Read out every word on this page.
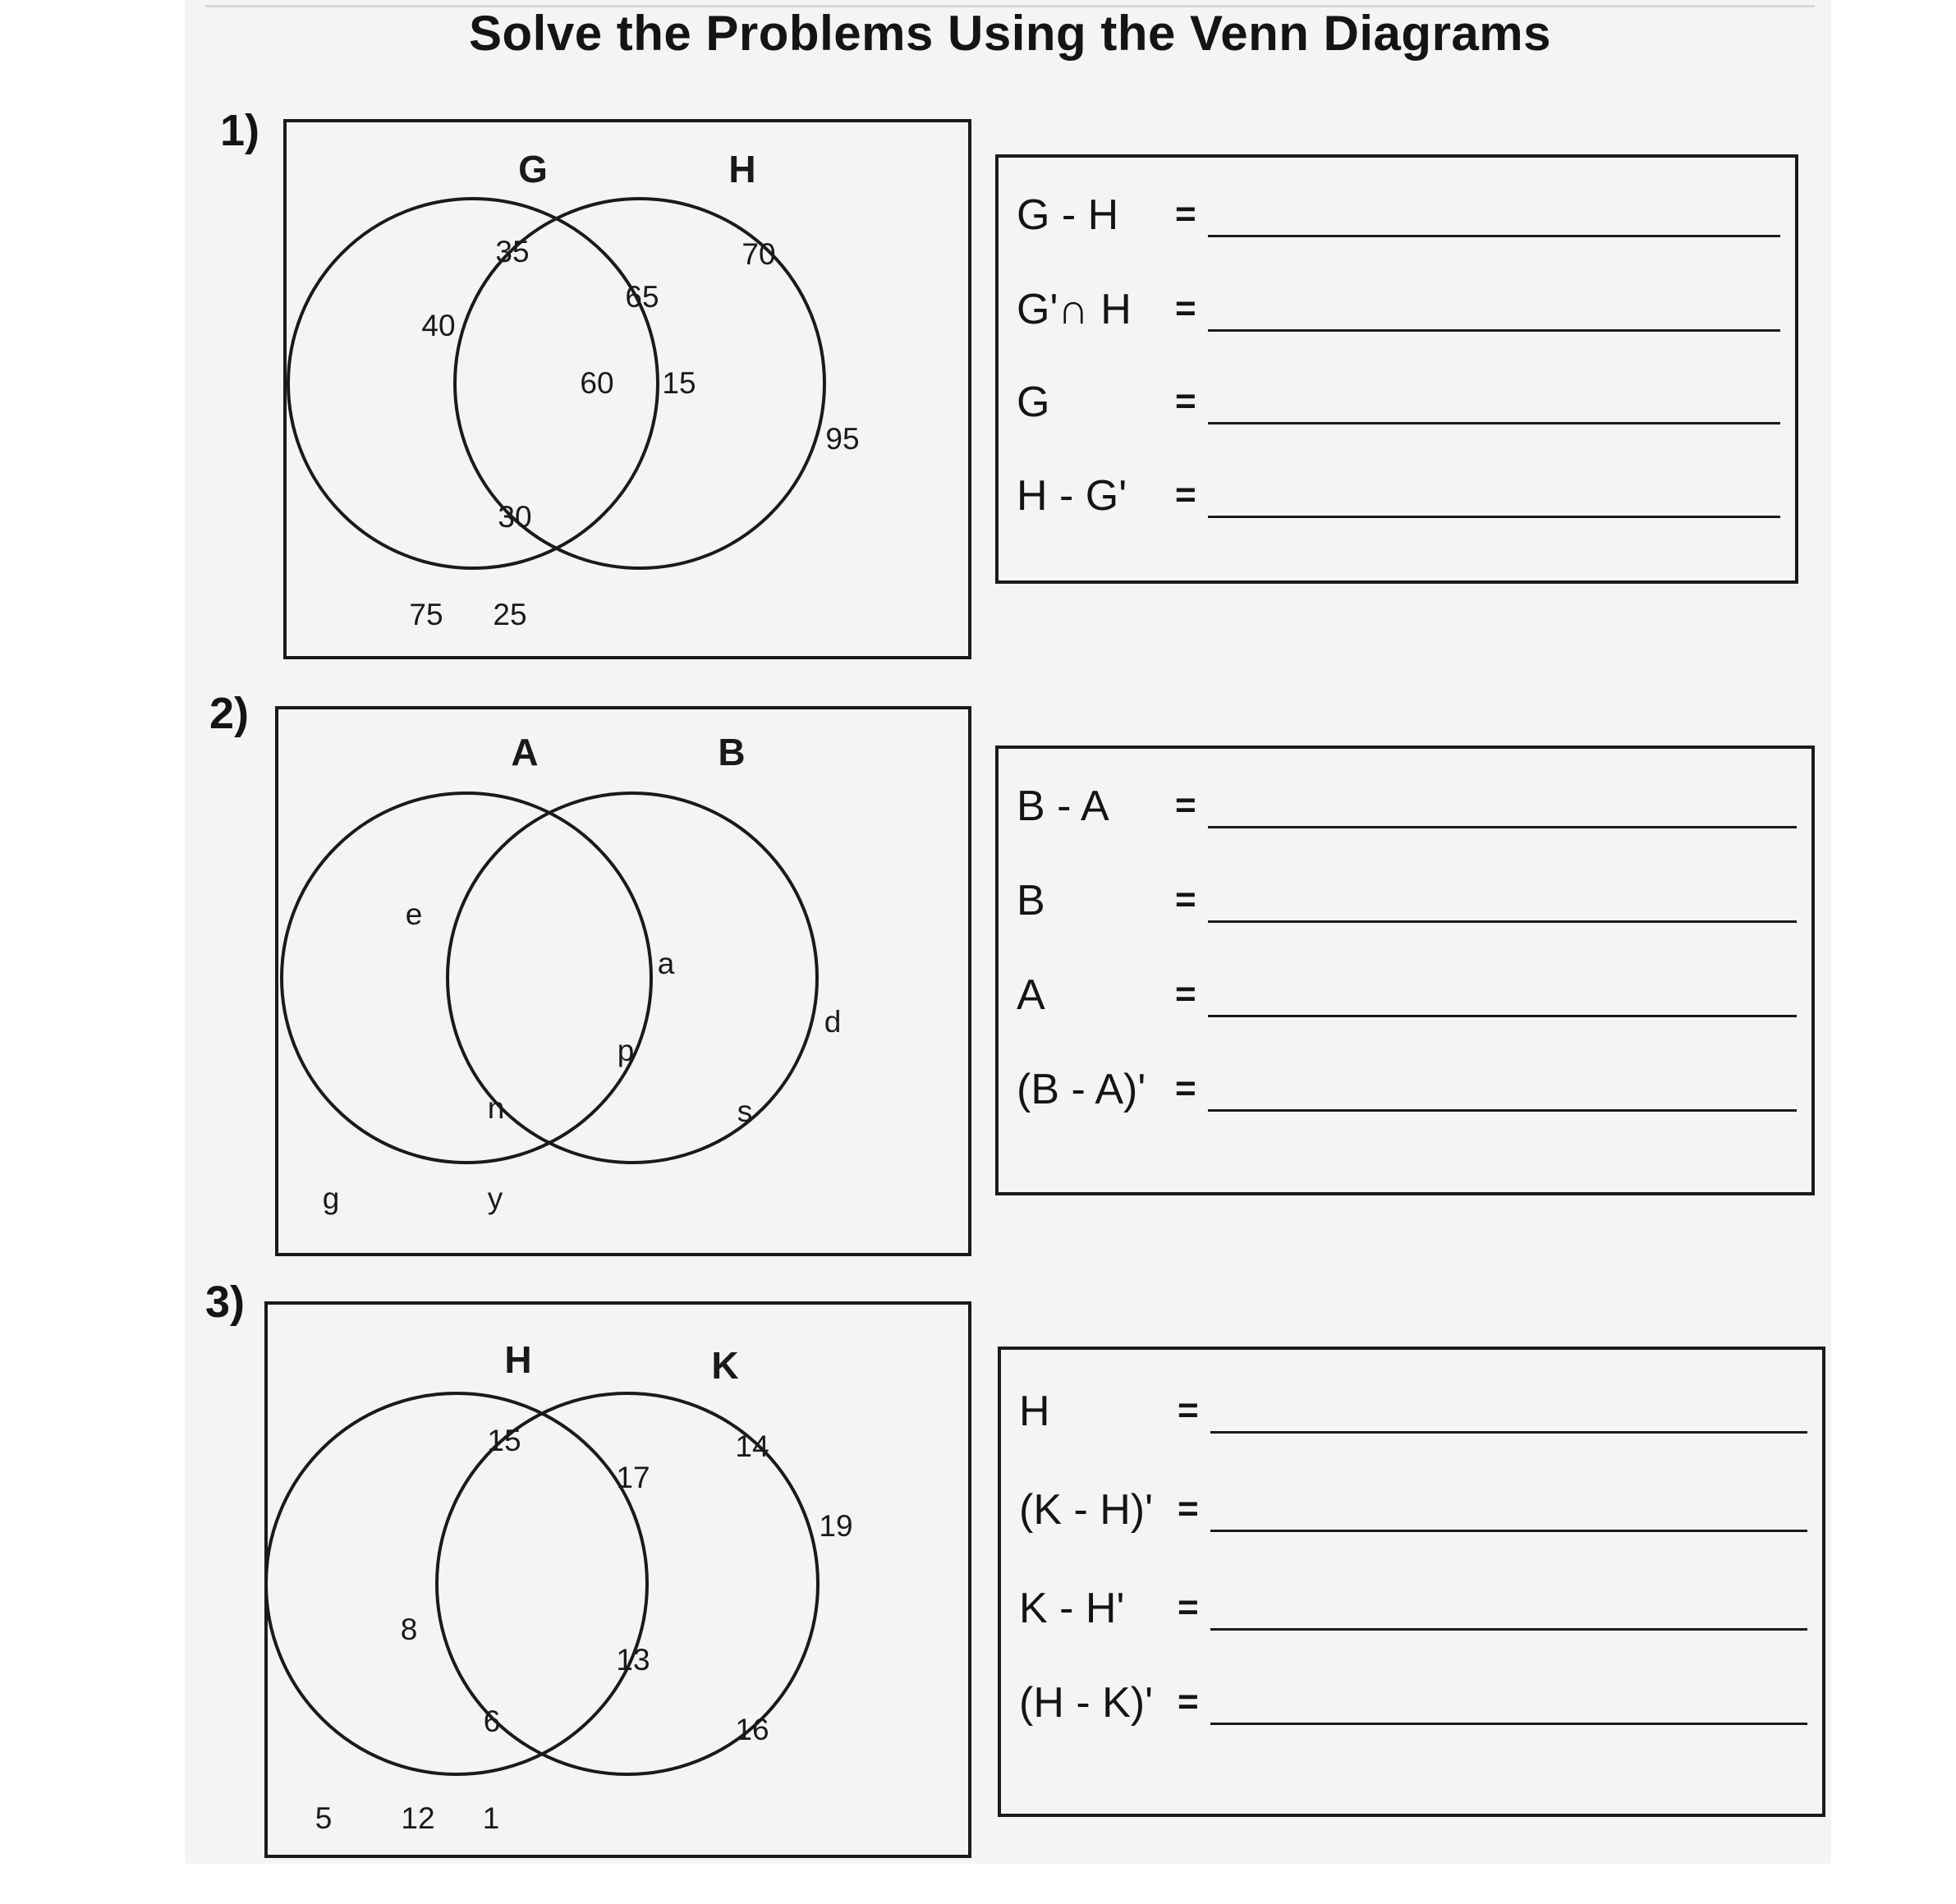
Solve the Problems Using the Venn Diagrams
1)
G	H
35
40
30
65
60 15
70
95
75 25
G - H =
G'∩ H =
G	=
H - G' =
2)
A	B
e
n
a
p
d
s
g	y
B - A =
B	=
A	=
(B - A)' =
3)
H	K
15
8
6
17
13
14
19
16
5 12 1
H	=
(K - H)' =
K - H' =
(H - K)' =
